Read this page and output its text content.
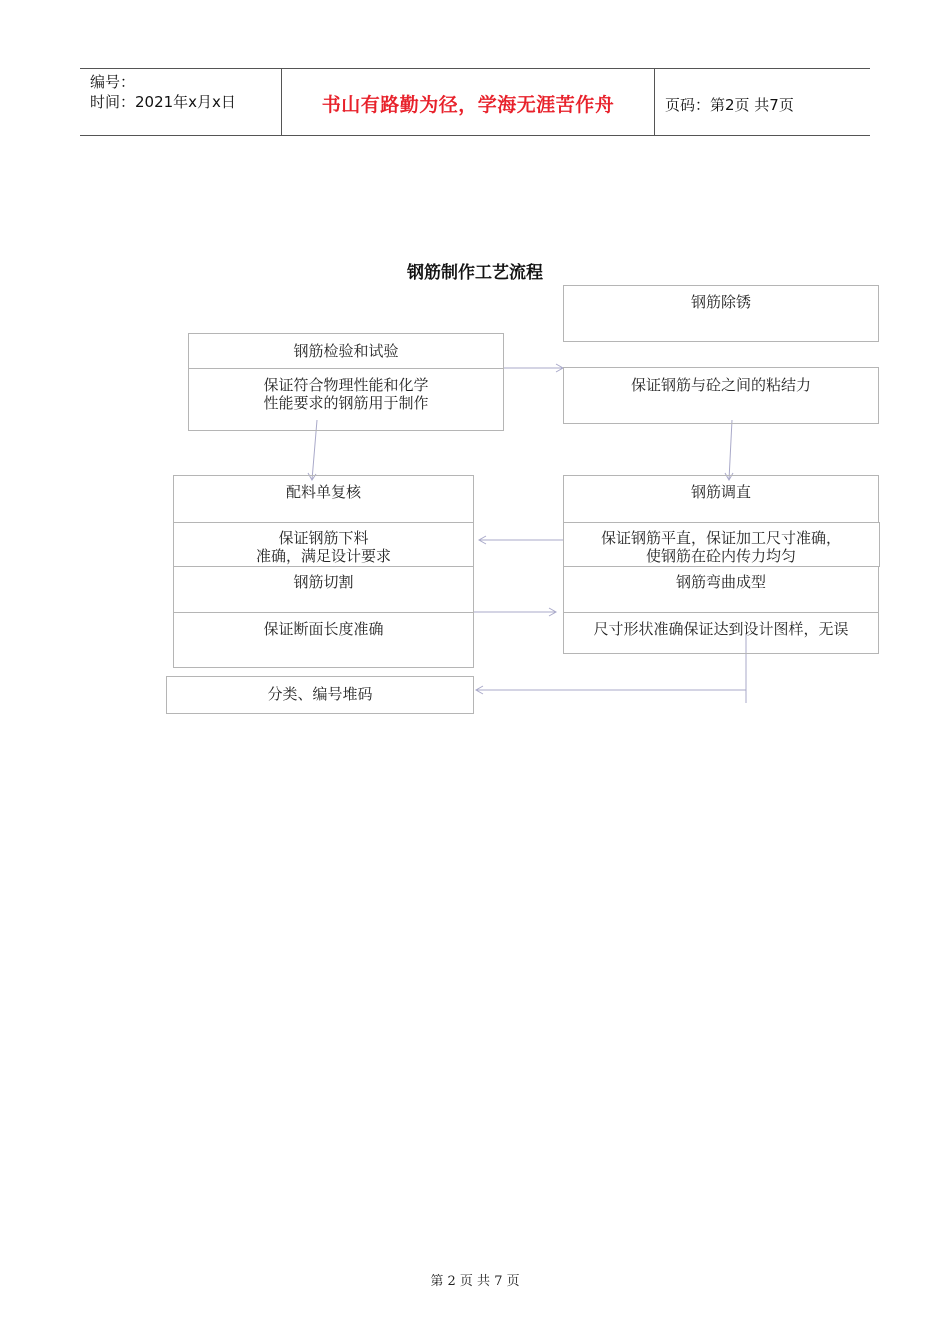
编号：
时间：2021年x月x日	书山有路勤为径，学海无涯苦作舟	页码：第2页 共7页
钢筋制作工艺流程
钢筋除锈
保证钢筋与砼之间的粘结力
钢筋检验和试验
保证符合物理性能和化学
性能要求的钢筋用于制作
配料单复核
保证钢筋下料
准确，满足设计要求
钢筋切割
保证断面长度准确
钢筋调直
保证钢筋平直，保证加工尺寸准确，
使钢筋在砼内传力均匀
钢筋弯曲成型
尺寸形状准确保证达到设计图样，无误
分类、编号堆码
第 2 页 共 7 页
